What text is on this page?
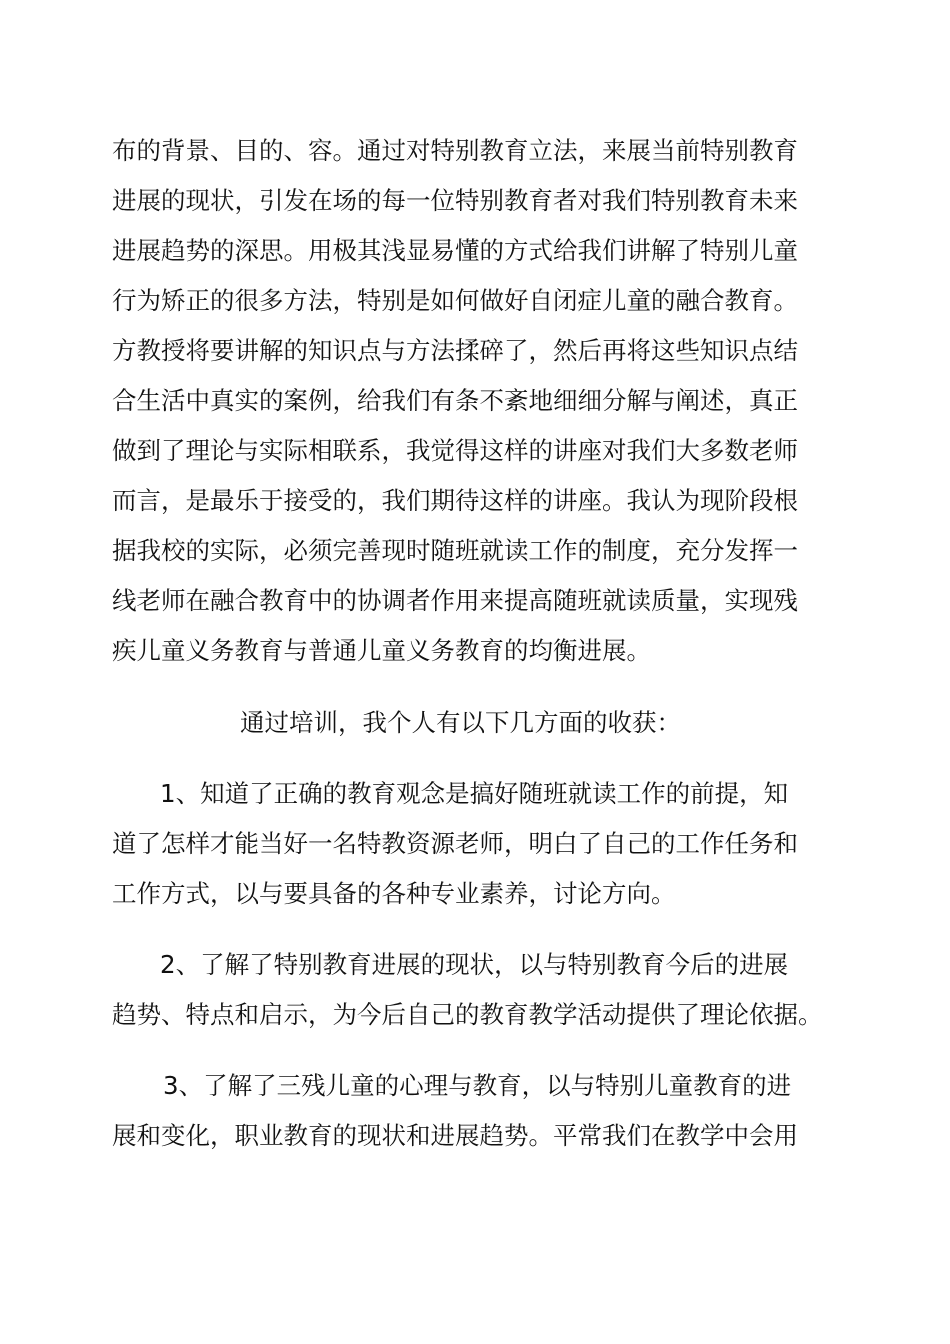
布的背景、目的、容。通过对特别教育立法，来展当前特别教育

进展的现状，引发在场的每一位特别教育者对我们特别教育未来

进展趋势的深思。用极其浅显易懂的方式给我们讲解了特别儿童

行为矫正的很多方法，特别是如何做好自闭症儿童的融合教育。

方教授将要讲解的知识点与方法揉碎了，然后再将这些知识点结

合生活中真实的案例，给我们有条不紊地细细分解与阐述，真正

做到了理论与实际相联系，我觉得这样的讲座对我们大多数老师

而言，是最乐于接受的，我们期待这样的讲座。我认为现阶段根

据我校的实际，必须完善现时随班就读工作的制度，充分发挥一

线老师在融合教育中的协调者作用来提高随班就读质量，实现残

疾儿童义务教育与普通儿童义务教育的均衡进展。

通过培训，我个人有以下几方面的收获：

1、知道了正确的教育观念是搞好随班就读工作的前提，知

道了怎样才能当好一名特教资源老师，明白了自己的工作任务和

工作方式，以与要具备的各种专业素养，讨论方向。

2、了解了特别教育进展的现状，以与特别教育今后的进展

趋势、特点和启示，为今后自己的教育教学活动提供了理论依据。

3、了解了三残儿童的心理与教育，以与特别儿童教育的进

展和变化，职业教育的现状和进展趋势。平常我们在教学中会用
